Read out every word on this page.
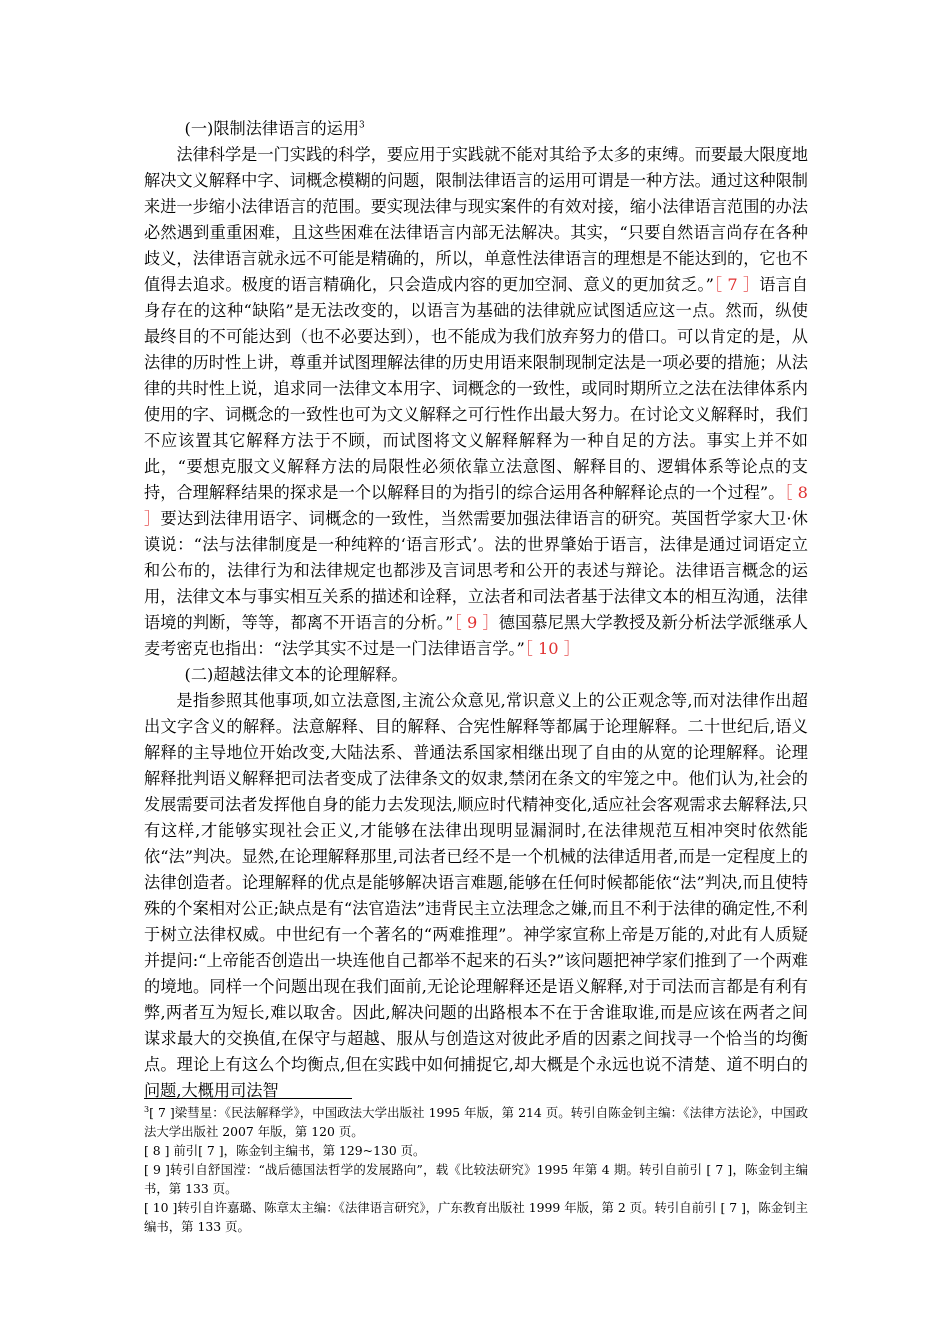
(一)限制法律语言的运用$^3$

法律科学是一门实践的科学，要应用于实践就不能对其给予太多的束缚。而要最大限度地解决文义解释中字、词概念模糊的问题，限制法律语言的运用可谓是一种方法。通过这种限制来进一步缩小法律语言的范围。要实现法律与现实案件的有效对接，缩小法律语言范围的办法必然遇到重重困难，且这些困难在法律语言内部无法解决。其实，“只要自然语言尚存在各种歧义，法律语言就永远不可能是精确的，所以，单意性法律语言的理想是不能达到的，它也不值得去追求。极度的语言精确化，只会造成内容的更加空洞、意义的更加贫乏。”［ 7 ］语言自身存在的这种“缺陷”是无法改变的，以语言为基础的法律就应试图适应这一点。然而，纵使最终目的不可能达到（也不必要达到），也不能成为我们放弃努力的借口。可以肯定的是，从法律的历时性上讲，尊重并试图理解法律的历史用语来限制现制定法是一项必要的措施；从法律的共时性上说，追求同一法律文本用字、词概念的一致性，或同时期所立之法在法律体系内使用的字、词概念的一致性也可为文义解释之可行性作出最大努力。在讨论文义解释时，我们不应该置其它解释方法于不顾，而试图将文义解释解释为一种自足的方法。事实上并不如此，“要想克服文义解释方法的局限性必须依靠立法意图、解释目的、逻辑体系等论点的支持，合理解释结果的探求是一个以解释目的为指引的综合运用各种解释论点的一个过程”。［ 8 ］要达到法律用语字、词概念的一致性，当然需要加强法律语言的研究。英国哲学家大卫·休谟说：“法与法律制度是一种纯粹的‘语言形式’。法的世界肇始于语言，法律是通过词语定立和公布的，法律行为和法律规定也都涉及言词思考和公开的表述与辩论。法律语言概念的运用，法律文本与事实相互关系的描述和诠释，立法者和司法者基于法律文本的相互沟通，法律语境的判断，等等，都离不开语言的分析。”［ 9 ］德国慕尼黑大学教授及新分析法学派继承人麦考密克也指出：“法学其实不过是一门法律语言学。”［ 10 ］

(二)超越法律文本的论理解释。

是指参照其他事项,如立法意图,主流公众意见,常识意义上的公正观念等,而对法律作出超出文字含义的解释。法意解释、目的解释、合宪性解释等都属于论理解释。二十世纪后,语义解释的主导地位开始改变,大陆法系、普通法系国家相继出现了自由的从宽的论理解释。论理解释批判语义解释把司法者变成了法律条文的奴隶,禁闭在条文的牢笼之中。他们认为,社会的发展需要司法者发挥他自身的能力去发现法,顺应时代精神变化,适应社会客观需求去解释法,只有这样,才能够实现社会正义,才能够在法律出现明显漏洞时,在法律规范互相冲突时依然能依“法”判决。显然,在论理解释那里,司法者已经不是一个机械的法律适用者,而是一定程度上的法律创造者。论理解释的优点是能够解决语言难题,能够在任何时候都能依“法”判决,而且使特殊的个案相对公正;缺点是有“法官造法”违背民主立法理念之嫌,而且不利于法律的确定性,不利于树立法律权威。中世纪有一个著名的“两难推理”。神学家宣称上帝是万能的,对此有人质疑并提问:“上帝能否创造出一块连他自己都举不起来的石头?”该问题把神学家们推到了一个两难的境地。同样一个问题出现在我们面前,无论论理解释还是语义解释,对于司法而言都是有利有弊,两者互为短长,难以取舍。因此,解决问题的出路根本不在于舍谁取谁,而是应该在两者之间谋求最大的交换值,在保守与超越、服从与创造这对彼此矛盾的因素之间找寻一个恰当的均衡点。理论上有这么个均衡点,但在实践中如何捕捉它,却大概是个永远也说不清楚、道不明白的问题,大概用司法智

$^3$[ 7 ]梁彗星：《民法解释学》，中国政法大学出版社 1995 年版，第 214 页。转引自陈金钊主编：《法律方法论》，中国政法大学出版社 2007 年版，第 120 页。

[ 8 ] 前引[ 7 ]，陈金钊主编书，第 129~130 页。

[ 9 ]转引自舒国滢：“战后德国法哲学的发展路向”，载《比较法研究》1995 年第 4 期。转引自前引 [ 7 ]，陈金钊主编书，第 133 页。

[ 10 ]转引自许嘉璐、陈章太主编：《法律语言研究》，广东教育出版社 1999 年版，第 2 页。转引自前引 [ 7 ]，陈金钊主编书，第 133 页。
